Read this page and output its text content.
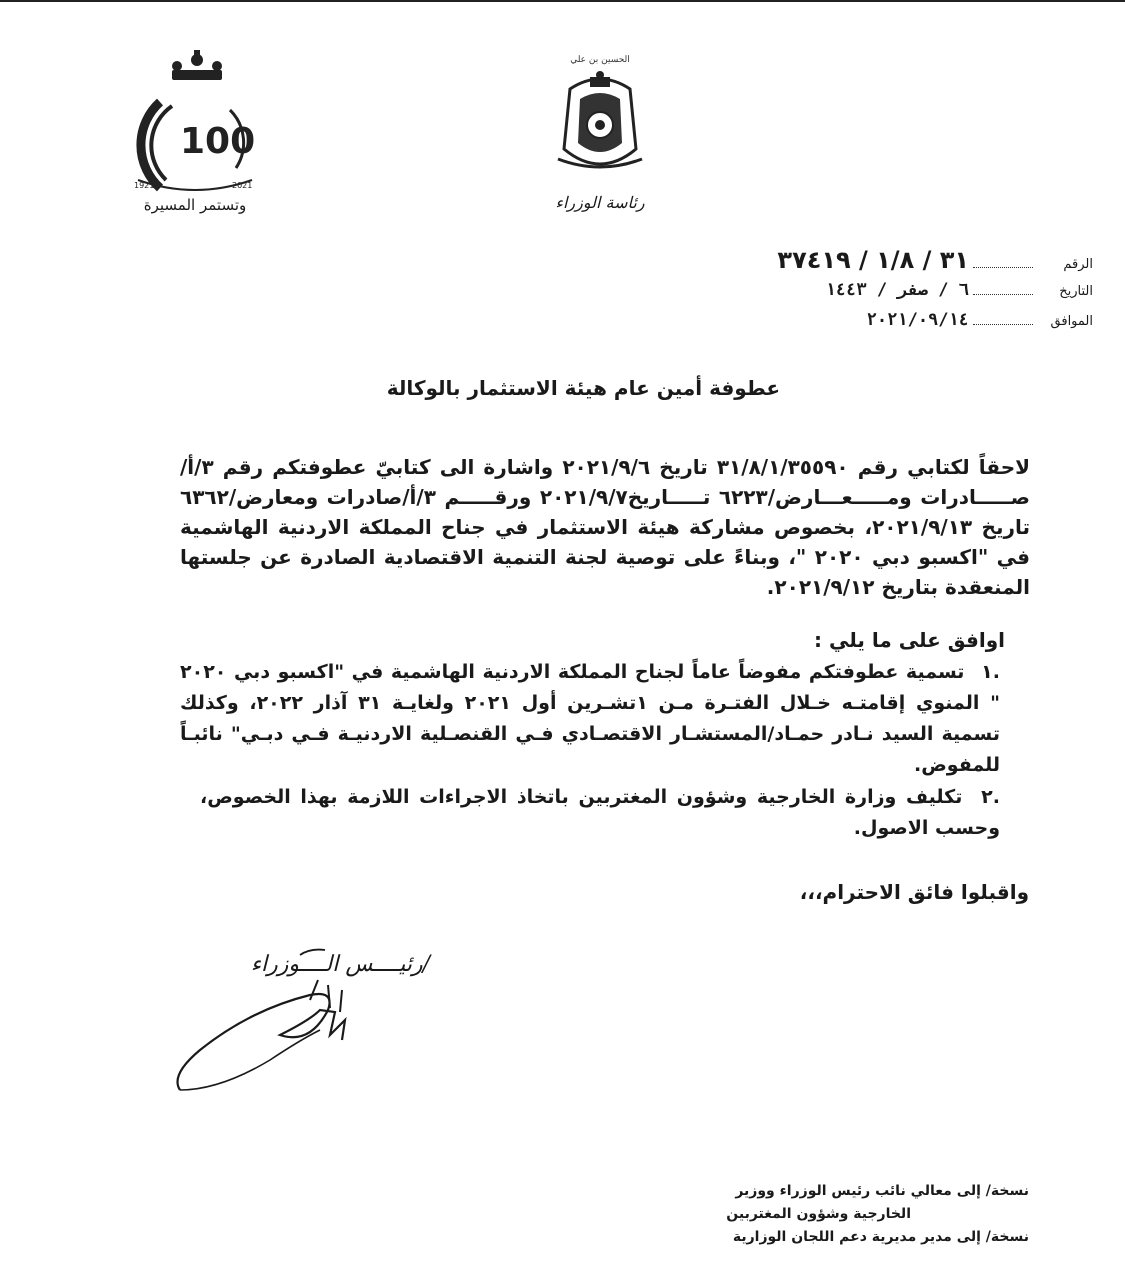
100
1921	2021
وتستمر المسيرة
الحسين بن علي
رئاسة الوزراء
الرقم
٣١ / ١/٨ / ٣٧٤١٩
التاريخ
٦ / صفر / ١٤٤٣
الموافق
٢٠٢١/٠٩/١٤
عطوفة أمين عام هيئة الاستثمار بالوكالة
لاحقاً لكتابي رقم ٣١/٨/١/٣٥٥٩٠ تاريخ ٢٠٢١/٩/٦ واشارة الى كتابيّ عطوفتكم رقم ٣/أ/صـــــادرات ومـــــعـــارض/٦٢٢٣ تـــــاريخ٢٠٢١/٩/٧ ورقـــــم ٣/أ/صادرات ومعارض/٦٣٦٢ تاريخ ٢٠٢١/٩/١٣، بخصوص مشاركة هيئة الاستثمار في جناح المملكة الاردنية الهاشمية في "اكسبو دبي ٢٠٢٠ "، وبناءً على توصية لجنة التنمية الاقتصادية الصادرة عن جلستها المنعقدة بتاريخ ٢٠٢١/٩/١٢.
اوافق على ما يلي :
.١ تسمية عطوفتكم مفوضاً عاماً لجناح المملكة الاردنية الهاشمية في "اكسبو دبي ٢٠٢٠ " المنوي إقامتـه خـلال الفتـرة مـن ١تشـرين أول ٢٠٢١ ولغايـة ٣١ آذار ٢٠٢٢، وكذلك تسمية السيد نـادر حمـاد/المستشـار الاقتصـادي فـي القنصـلية الاردنيـة فـي دبـي" نائبـاً للمفوض.
.٢ تكليف وزارة الخارجية وشؤون المغتربين باتخاذ الاجراءات اللازمة بهذا الخصوص، وحسب الاصول.
واقبلوا فائق الاحترام،،،
/رئيــــس الــــوزراء
نسخة/ إلى معالي نائب رئيس الوزراء ووزير
الخارجية وشؤون المغتربين
نسخة/ إلى مدير مديرية دعم اللجان الوزارية
